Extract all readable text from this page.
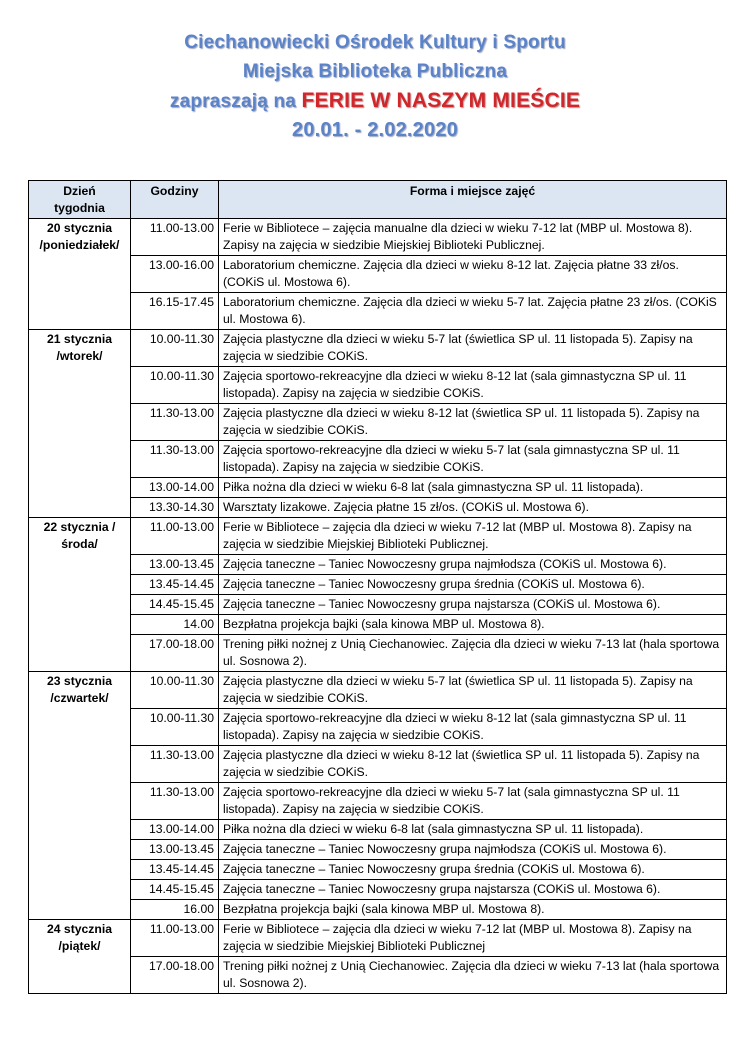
Ciechanowiecki Ośrodek Kultury i Sportu
Miejska Biblioteka Publiczna
zapraszają na FERIE W NASZYM MIEŚCIE
20.01. - 2.02.2020
Dzień tygodnia	Godziny	Forma i miejsce zajęć
20 stycznia /poniedziałek/	11.00-13.00	Ferie w Bibliotece – zajęcia manualne dla dzieci w wieku 7-12 lat (MBP ul. Mostowa 8). Zapisy na zajęcia w siedzibie Miejskiej Biblioteki Publicznej.
	13.00-16.00	Laboratorium chemiczne. Zajęcia dla dzieci w wieku 8-12 lat. Zajęcia płatne 33 zł/os. (COKiS ul. Mostowa 6).
	16.15-17.45	Laboratorium chemiczne. Zajęcia dla dzieci w wieku 5-7 lat. Zajęcia płatne 23 zł/os. (COKiS ul. Mostowa 6).
21 stycznia /wtorek/	10.00-11.30	Zajęcia plastyczne dla dzieci w wieku 5-7 lat (świetlica SP ul. 11 listopada 5). Zapisy na zajęcia w siedzibie COKiS.
	10.00-11.30	Zajęcia sportowo-rekreacyjne dla dzieci w wieku 8-12 lat (sala gimnastyczna SP ul. 11 listopada). Zapisy na zajęcia w siedzibie COKiS.
	11.30-13.00	Zajęcia plastyczne dla dzieci w wieku 8-12 lat (świetlica SP ul. 11 listopada 5). Zapisy na zajęcia w siedzibie COKiS.
	11.30-13.00	Zajęcia sportowo-rekreacyjne dla dzieci w wieku 5-7 lat (sala gimnastyczna SP ul. 11 listopada). Zapisy na zajęcia w siedzibie COKiS.
	13.00-14.00	Piłka nożna dla dzieci w wieku 6-8 lat (sala gimnastyczna SP ul. 11 listopada).
	13.30-14.30	Warsztaty lizakowe. Zajęcia płatne 15 zł/os. (COKiS ul. Mostowa 6).
22 stycznia /środa/	11.00-13.00	Ferie w Bibliotece – zajęcia dla dzieci w wieku 7-12 lat (MBP ul. Mostowa 8). Zapisy na zajęcia w siedzibie Miejskiej Biblioteki Publicznej.
	13.00-13.45	Zajęcia taneczne – Taniec Nowoczesny grupa najmłodsza (COKiS ul. Mostowa 6).
	13.45-14.45	Zajęcia taneczne – Taniec Nowoczesny grupa średnia (COKiS ul. Mostowa 6).
	14.45-15.45	Zajęcia taneczne – Taniec Nowoczesny grupa najstarsza (COKiS ul. Mostowa 6).
	14.00	Bezpłatna projekcja bajki (sala kinowa MBP ul. Mostowa 8).
	17.00-18.00	Trening piłki nożnej z Unią Ciechanowiec. Zajęcia dla dzieci w wieku 7-13 lat (hala sportowa ul. Sosnowa 2).
23 stycznia /czwartek/	10.00-11.30	Zajęcia plastyczne dla dzieci w wieku 5-7 lat (świetlica SP ul. 11 listopada 5). Zapisy na zajęcia w siedzibie COKiS.
	10.00-11.30	Zajęcia sportowo-rekreacyjne dla dzieci w wieku 8-12 lat (sala gimnastyczna SP ul. 11 listopada). Zapisy na zajęcia w siedzibie COKiS.
	11.30-13.00	Zajęcia plastyczne dla dzieci w wieku 8-12 lat (świetlica SP ul. 11 listopada 5). Zapisy na zajęcia w siedzibie COKiS.
	11.30-13.00	Zajęcia sportowo-rekreacyjne dla dzieci w wieku 5-7 lat (sala gimnastyczna SP ul. 11 listopada). Zapisy na zajęcia w siedzibie COKiS.
	13.00-14.00	Piłka nożna dla dzieci w wieku 6-8 lat (sala gimnastyczna SP ul. 11 listopada).
	13.00-13.45	Zajęcia taneczne – Taniec Nowoczesny grupa najmłodsza (COKiS ul. Mostowa 6).
	13.45-14.45	Zajęcia taneczne – Taniec Nowoczesny grupa średnia (COKiS ul. Mostowa 6).
	14.45-15.45	Zajęcia taneczne – Taniec Nowoczesny grupa najstarsza (COKiS ul. Mostowa 6).
	16.00	Bezpłatna projekcja bajki (sala kinowa MBP ul. Mostowa 8).
24 stycznia /piątek/	11.00-13.00	Ferie w Bibliotece – zajęcia dla dzieci w wieku 7-12 lat (MBP ul. Mostowa 8). Zapisy na zajęcia w siedzibie Miejskiej Biblioteki Publicznej
	17.00-18.00	Trening piłki nożnej z Unią Ciechanowiec. Zajęcia dla dzieci w wieku 7-13 lat (hala sportowa ul. Sosnowa 2).
